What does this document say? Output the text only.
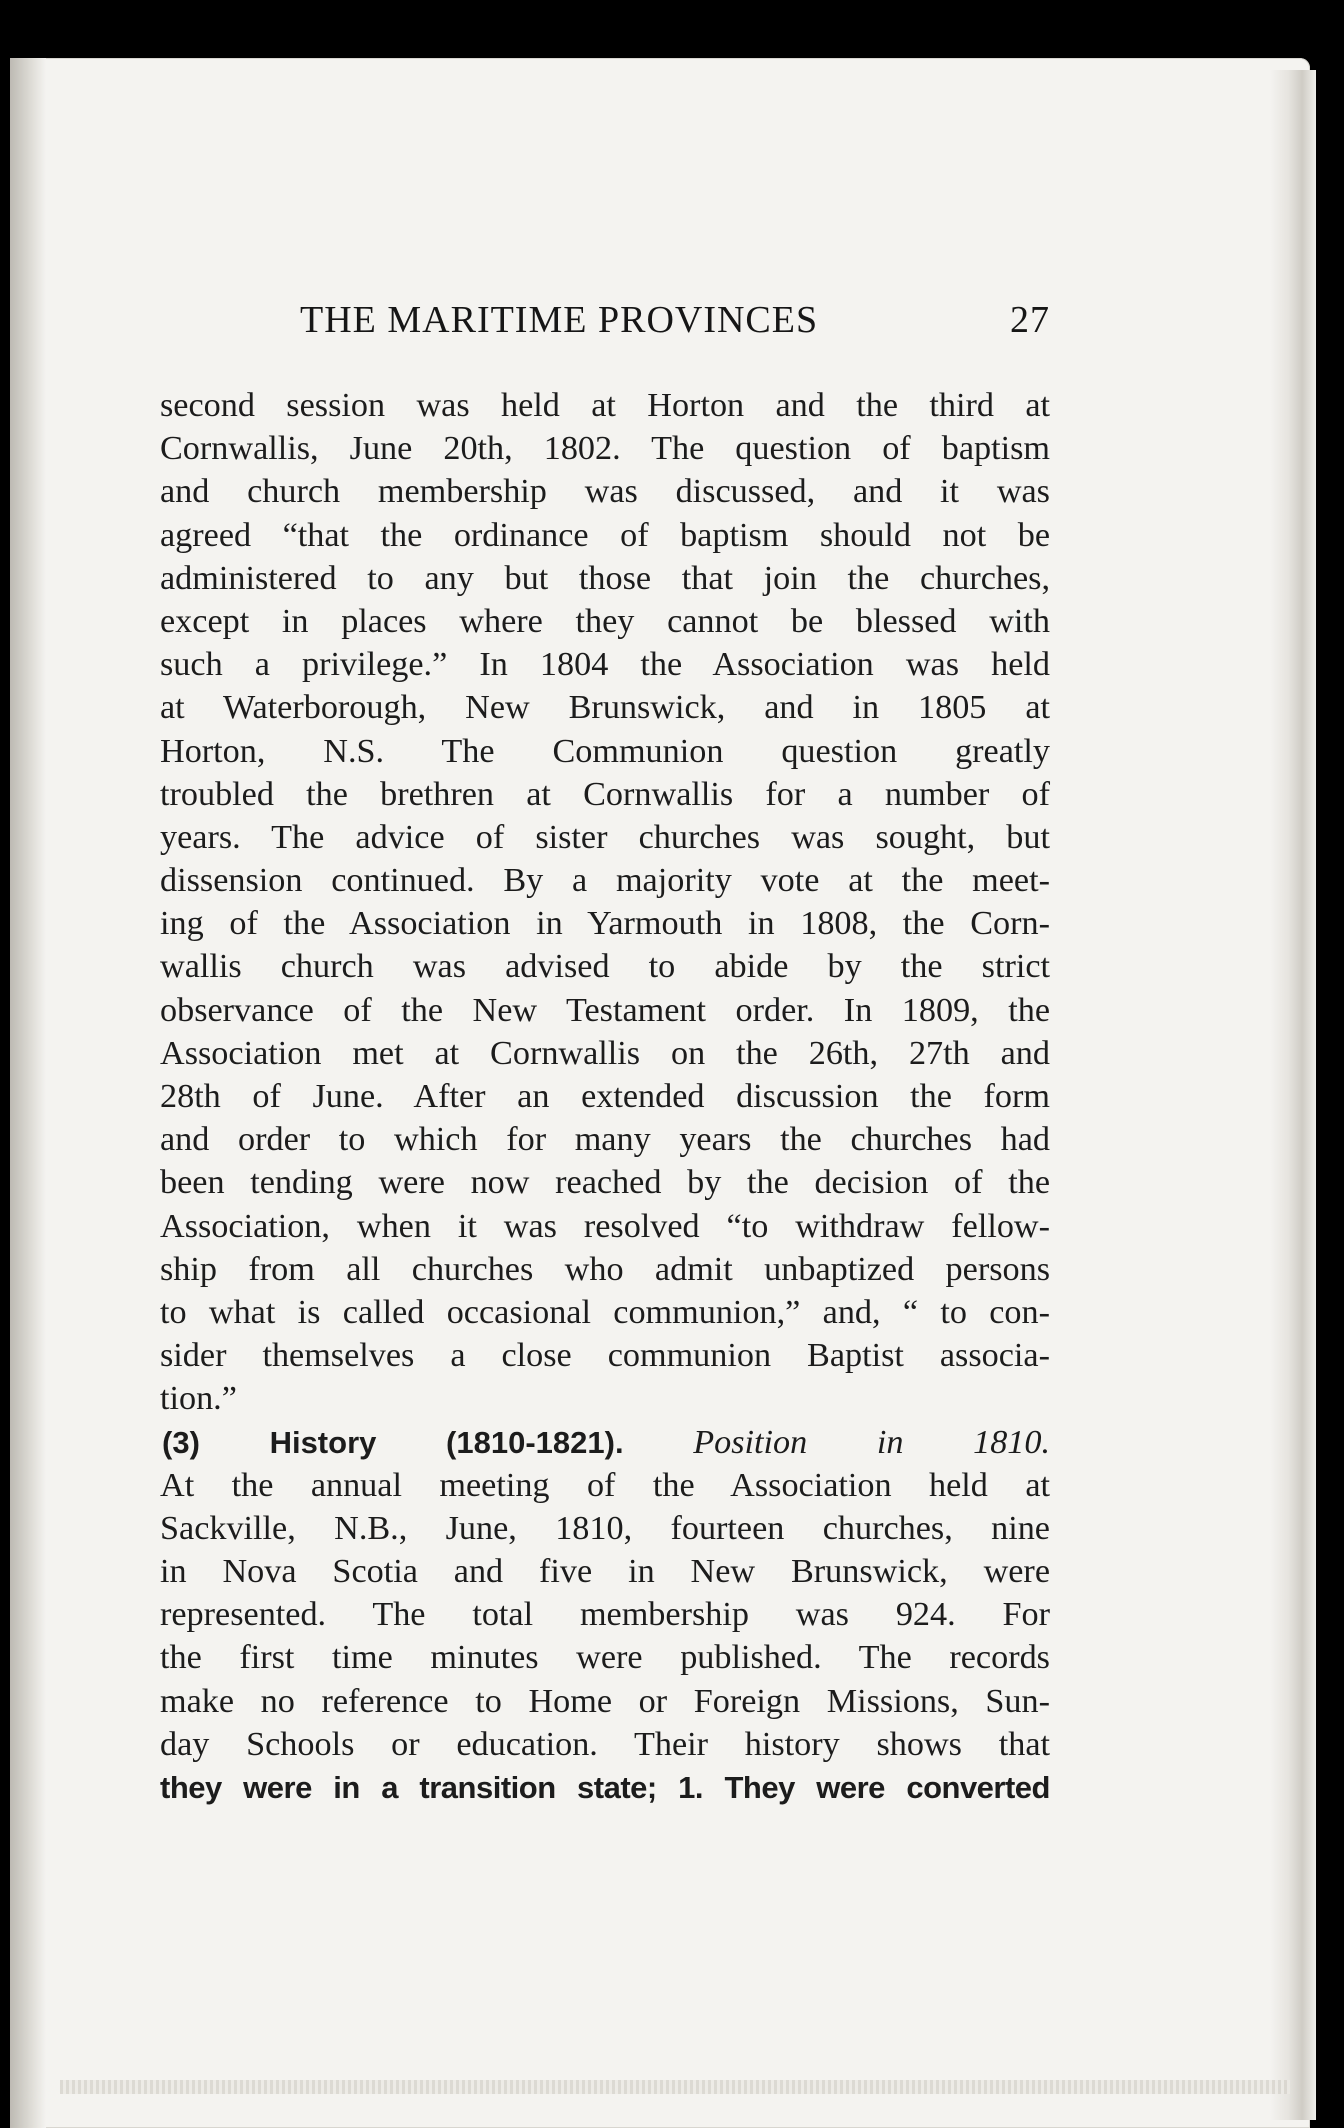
THE MARITIME PROVINCES	27
second session was held at Horton and the third at
Cornwallis, June 20th, 1802. The question of baptism
and church membership was discussed, and it was
agreed “that the ordinance of baptism should not be
administered to any but those that join the churches,
except in places where they cannot be blessed with
such a privilege.” In 1804 the Association was held
at Waterborough, New Brunswick, and in 1805 at
Horton, N.S. The Communion question greatly
troubled the brethren at Cornwallis for a number of
years. The advice of sister churches was sought, but
dissension continued. By a majority vote at the meet-
ing of the Association in Yarmouth in 1808, the Corn-
wallis church was advised to abide by the strict
observance of the New Testament order. In 1809, the
Association met at Cornwallis on the 26th, 27th and
28th of June. After an extended discussion the form
and order to which for many years the churches had
been tending were now reached by the decision of the
Association, when it was resolved “to withdraw fellow-
ship from all churches who admit unbaptized persons
to what is called occasional communion,” and, “ to con-
sider themselves a close communion Baptist associa-
tion.”
(3) History (1810-1821). Position in 1810.
At the annual meeting of the Association held at
Sackville, N.B., June, 1810, fourteen churches, nine
in Nova Scotia and five in New Brunswick, were
represented. The total membership was 924. For
the first time minutes were published. The records
make no reference to Home or Foreign Missions, Sun-
day Schools or education. Their history shows that
they were in a transition state; 1. They were converted
